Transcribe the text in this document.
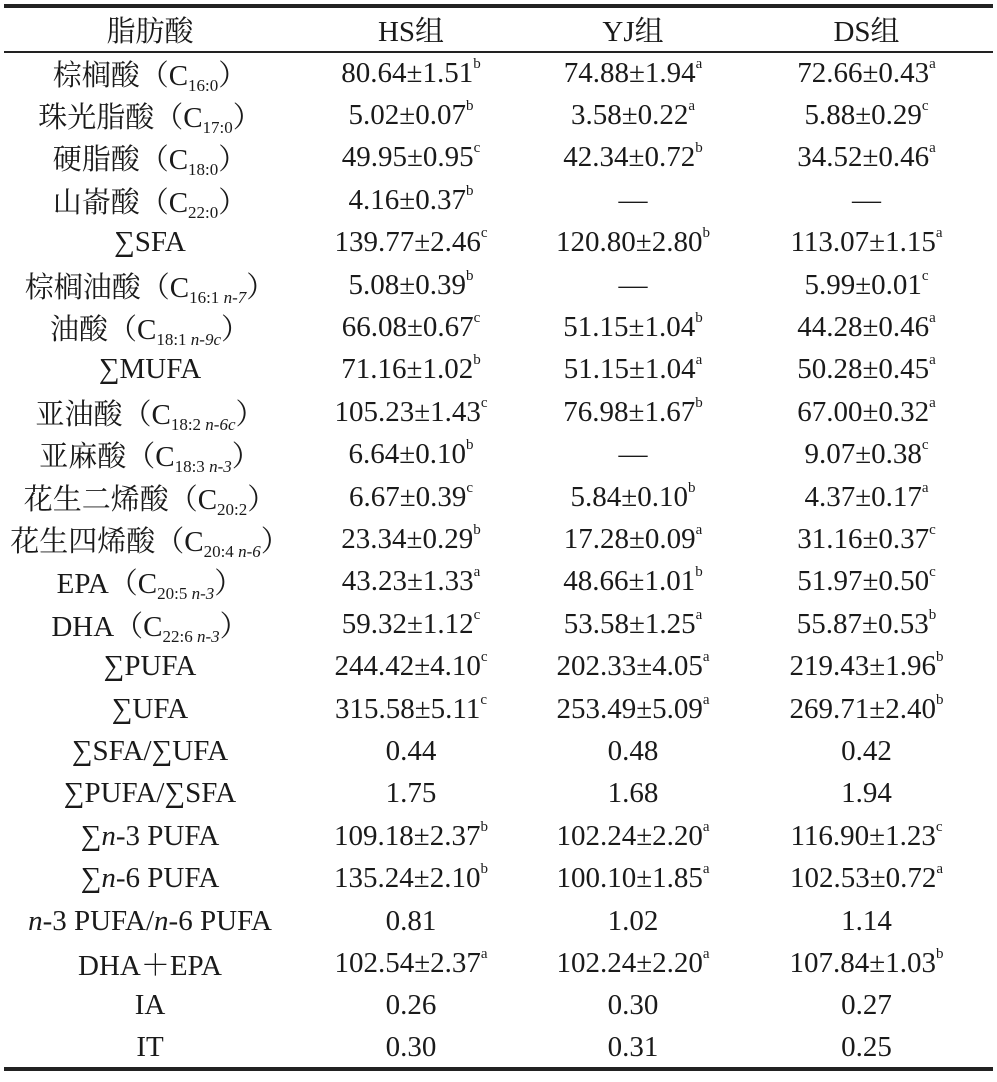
脂肪酸	HS组	YJ组	DS组
棕榈酸$(C_{16:0})$	80.64±1.51$^b$	74.88±1.94$^a$	72.66±0.43$^a$
珠光脂酸$(C_{17:0})$	5.02±0.07$^b$	3.58±0.22$^a$	5.88±0.29$^c$
硬脂酸$(C_{18:0})$	49.95±0.95$^c$	42.34±0.72$^b$	34.52±0.46$^a$
山嵛酸$(C_{22:0})$	4.16±0.37$^b$	—	—
∑SFA	139.77±2.46$^c$	120.80±2.80$^b$	113.07±1.15$^a$
棕榈油酸$(C_{16:1 n-7})$	5.08±0.39$^b$	—	5.99±0.01$^c$
油酸$(C_{18:1 n-9c})$	66.08±0.67$^c$	51.15±1.04$^b$	44.28±0.46$^a$
∑MUFA	71.16±1.02$^b$	51.15±1.04$^a$	50.28±0.45$^a$
亚油酸$(C_{18:2 n-6c})$	105.23±1.43$^c$	76.98±1.67$^b$	67.00±0.32$^a$
亚麻酸$(C_{18:3 n-3})$	6.64±0.10$^b$	—	9.07±0.38$^c$
花生二烯酸$(C_{20:2})$	6.67±0.39$^c$	5.84±0.10$^b$	4.37±0.17$^a$
花生四烯酸$(C_{20:4 n-6})$	23.34±0.29$^b$	17.28±0.09$^a$	31.16±0.37$^c$
$EPA(C_{20:5 n-3})$	43.23±1.33$^a$	48.66±1.01$^b$	51.97±0.50$^c$
$DHA(C_{22:6 n-3})$	59.32±1.12$^c$	53.58±1.25$^a$	55.87±0.53$^b$
∑PUFA	244.42±4.10$^c$	202.33±4.05$^a$	219.43±1.96$^b$
∑UFA	315.58±5.11$^c$	253.49±5.09$^a$	269.71±2.40$^b$
∑SFA/∑UFA	0.44	0.48	0.42
∑PUFA/∑SFA	1.75	1.68	1.94
∑n-3 PUFA	109.18±2.37$^b$	102.24±2.20$^a$	116.90±1.23$^c$
∑n-6 PUFA	135.24±2.10$^b$	100.10±1.85$^a$	102.53±0.72$^a$
n-3 PUFA/n-6 PUFA	0.81	1.02	1.14
DHA＋EPA	102.54±2.37$^a$	102.24±2.20$^a$	107.84±1.03$^b$
IA	0.26	0.30	0.27
IT	0.30	0.31	0.25
